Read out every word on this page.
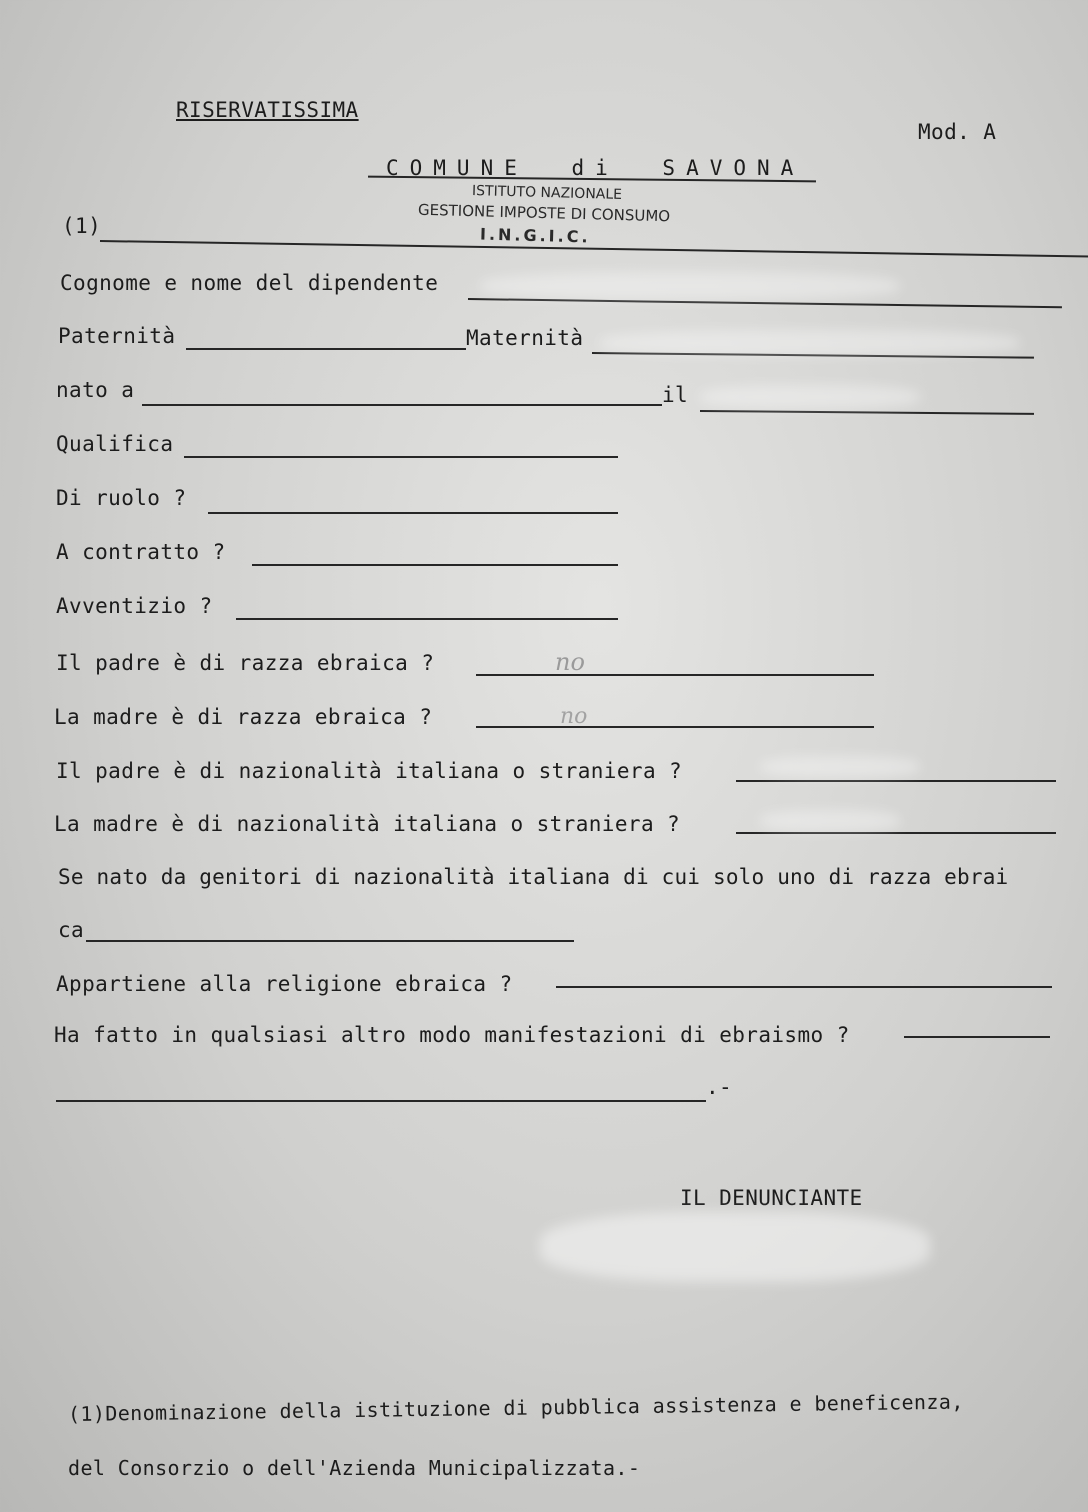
RISERVATISSIMA
Mod. A
COMUNE di SAVONA
ISTITUTO NAZIONALE
GESTIONE IMPOSTE DI CONSUMO
I.N.G.I.C.
(1)
Cognome e nome del dipendente
Paternità	Maternità
nato a	il
Qualifica
Di ruolo ?
A contratto ?
Avventizio ?
Il padre è di razza ebraica ?	no
La madre è di razza ebraica ?	no
Il padre è di nazionalità italiana o straniera ?
La madre è di nazionalità italiana o straniera ?
Se nato da genitori di nazionalità italiana di cui solo uno di razza ebrai
ca
Appartiene alla religione ebraica ?
Ha fatto in qualsiasi altro modo manifestazioni di ebraismo ?
.-
IL DENUNCIANTE
(1)Denominazione della istituzione di pubblica assistenza e beneficenza,
del Consorzio o dell'Azienda Municipalizzata.-
